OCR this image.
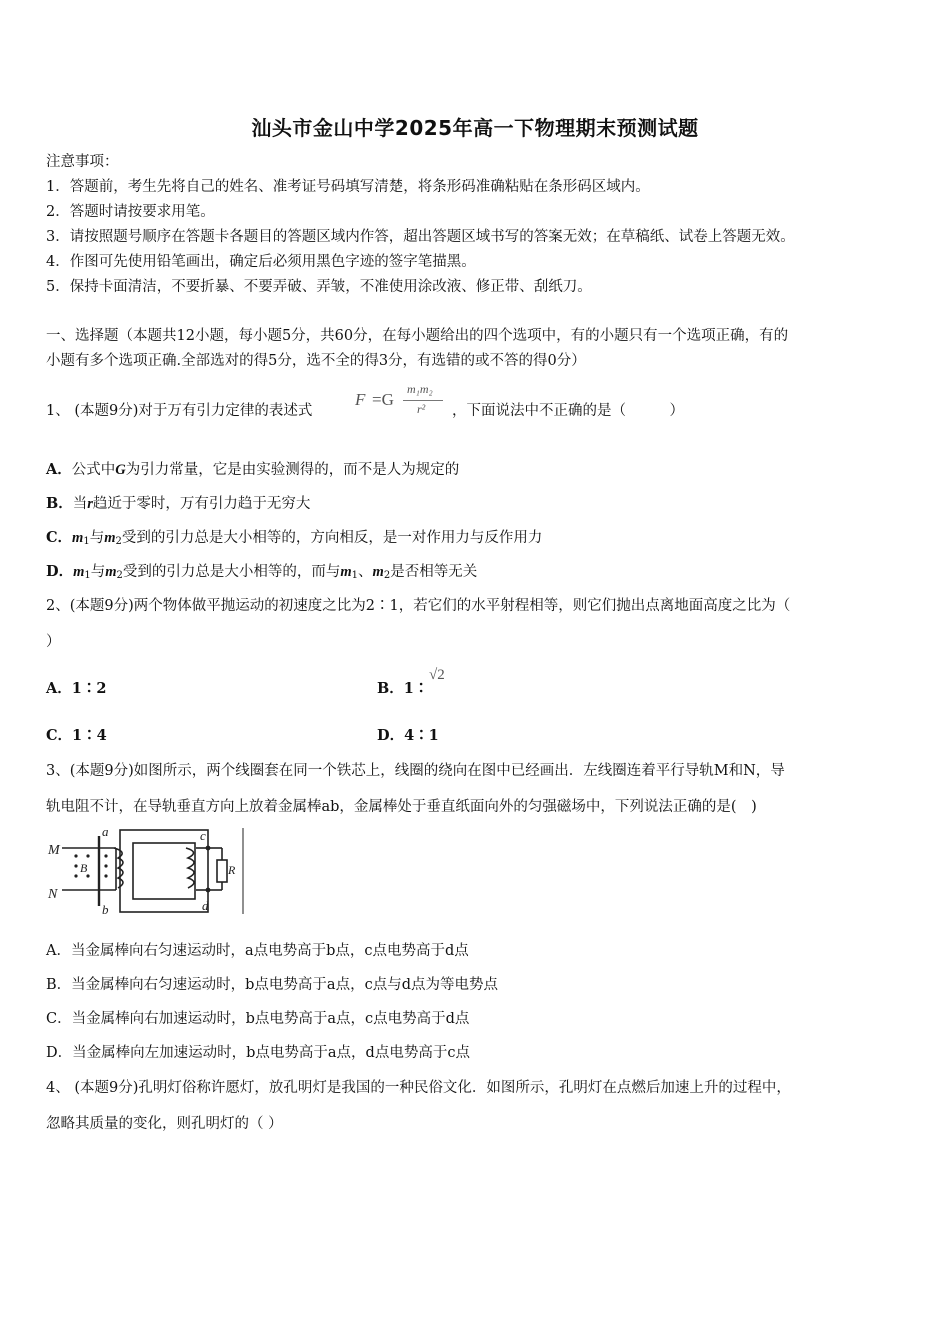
汕头市金山中学2025年高一下物理期末预测试题
注意事项：
1．答题前，考生先将自己的姓名、准考证号码填写清楚，将条形码准确粘贴在条形码区域内。
2．答题时请按要求用笔。
3．请按照题号顺序在答题卡各题目的答题区域内作答，超出答题区域书写的答案无效；在草稿纸、试卷上答题无效。
4．作图可先使用铅笔画出，确定后必须用黑色字迹的签字笔描黑。
5．保持卡面清洁，不要折暴、不要弄破、弄皱，不准使用涂改液、修正带、刮纸刀。
一、选择题（本题共12小题，每小题5分，共60分，在每小题给出的四个选项中，有的小题只有一个选项正确，有的
小题有多个选项正确.全部选对的得5分，选不全的得3分，有选错的或不答的得0分）
1、 (本题9分)对于万有引力定律的表述式
F =G
m₁m₂
r² ，下面说法中不正确的是（　　　）
A．公式中G为引力常量，它是由实验测得的，而不是人为规定的
B．当r趋近于零时，万有引力趋于无穷大
C．$m_1$与$m_2$受到的引力总是大小相等的，方向相反，是一对作用力与反作用力
D．$m_1$与$m_2$受到的引力总是大小相等的，而与$m_1$、$m_2$是否相等无关
2、(本题9分)两个物体做平抛运动的初速度之比为2∶1，若它们的水平射程相等，则它们抛出点离地面高度之比为（
）
A．1∶2	B．1∶
√2
C．1∶4	D．4∶1
3、(本题9分)如图所示，两个线圈套在同一个铁芯上，线圈的绕向在图中已经画出．左线圈连着平行导轨M和N，导
轨电阻不计，在导轨垂直方向上放着金属棒ab，金属棒处于垂直纸面向外的匀强磁场中，下列说法正确的是(　)
M
N
B
a
b
c
d
R
A．当金属棒向右匀速运动时，a点电势高于b点，c点电势高于d点
B．当金属棒向右匀速运动时，b点电势高于a点，c点与d点为等电势点
C．当金属棒向右加速运动时，b点电势高于a点，c点电势高于d点
D．当金属棒向左加速运动时，b点电势高于a点，d点电势高于c点
4、 (本题9分)孔明灯俗称许愿灯，放孔明灯是我国的一种民俗文化．如图所示，孔明灯在点燃后加速上升的过程中，
忽略其质量的变化，则孔明灯的（ ）
